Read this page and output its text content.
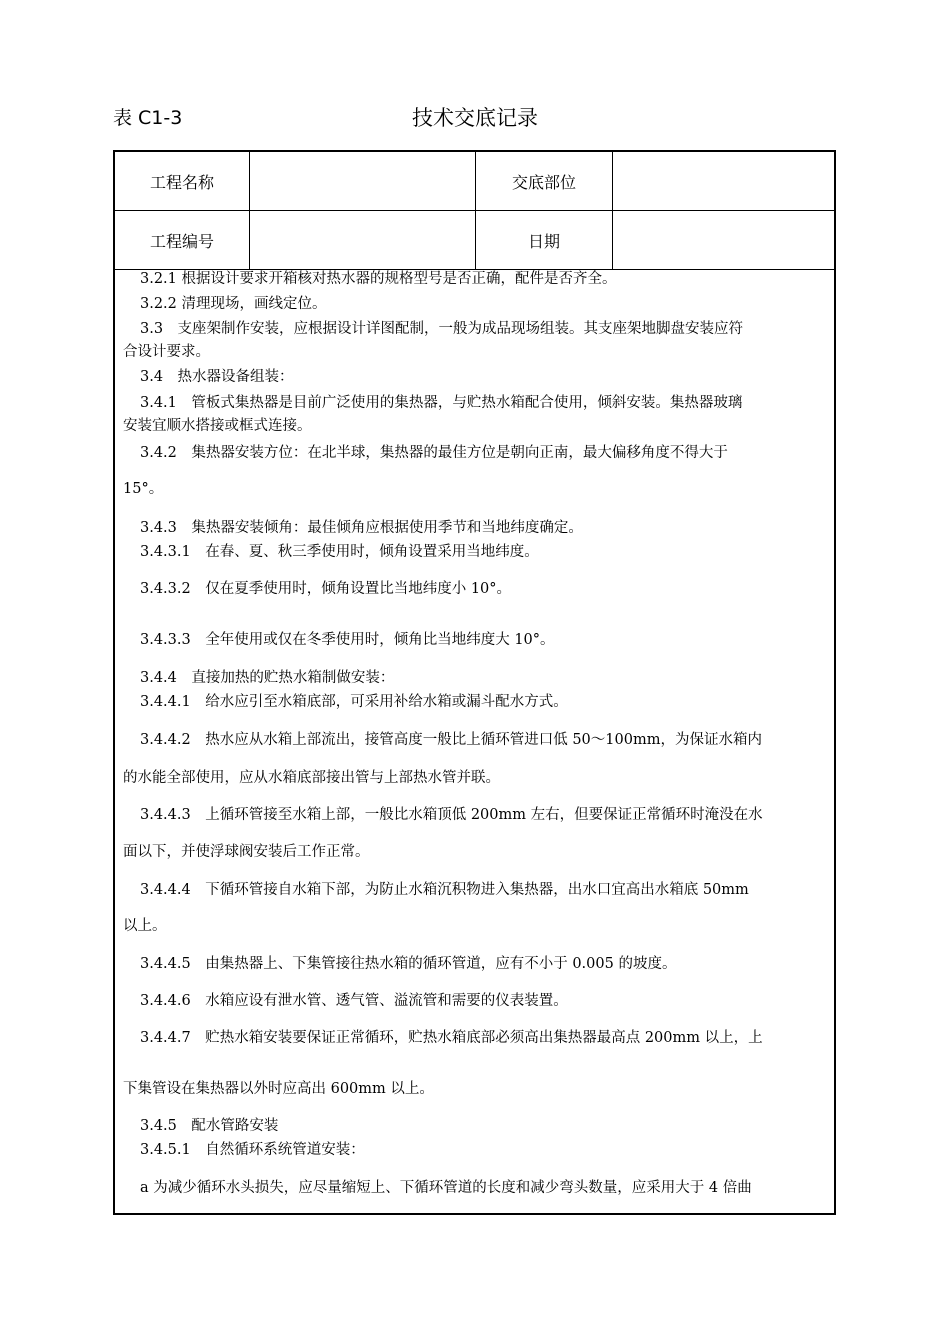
表 C1-3	技术交底记录
工程名称		交底部位	
工程编号		日期	
3.2.1 根据设计要求开箱核对热水器的规格型号是否正确，配件是否齐全。
3.2.2 清理现场，画线定位。
3.3　支座架制作安装，应根据设计详图配制，一般为成品现场组装。其支座架地脚盘安装应符
合设计要求。
3.4　热水器设备组装：
3.4.1　管板式集热器是目前广泛使用的集热器，与贮热水箱配合使用，倾斜安装。集热器玻璃
安装宜顺水搭接或框式连接。
3.4.2　集热器安装方位：在北半球，集热器的最佳方位是朝向正南，最大偏移角度不得大于
15°。
3.4.3　集热器安装倾角：最佳倾角应根据使用季节和当地纬度确定。
3.4.3.1　在春、夏、秋三季使用时，倾角设置采用当地纬度。
3.4.3.2　仅在夏季使用时，倾角设置比当地纬度小 10°。
3.4.3.3　全年使用或仅在冬季使用时，倾角比当地纬度大 10°。
3.4.4　直接加热的贮热水箱制做安装：
3.4.4.1　给水应引至水箱底部，可采用补给水箱或漏斗配水方式。
3.4.4.2　热水应从水箱上部流出，接管高度一般比上循环管进口低 50～100mm，为保证水箱内
的水能全部使用，应从水箱底部接出管与上部热水管并联。
3.4.4.3　上循环管接至水箱上部，一般比水箱顶低 200mm 左右，但要保证正常循环时淹没在水
面以下，并使浮球阀安装后工作正常。
3.4.4.4　下循环管接自水箱下部，为防止水箱沉积物进入集热器，出水口宜高出水箱底 50mm
以上。
3.4.4.5　由集热器上、下集管接往热水箱的循环管道，应有不小于 0.005 的坡度。
3.4.4.6　水箱应设有泄水管、透气管、溢流管和需要的仪表装置。
3.4.4.7　贮热水箱安装要保证正常循环，贮热水箱底部必须高出集热器最高点 200mm 以上，上
下集管设在集热器以外时应高出 600mm 以上。
3.4.5　配水管路安装
3.4.5.1　自然循环系统管道安装：
a 为减少循环水头损失，应尽量缩短上、下循环管道的长度和减少弯头数量，应采用大于 4 倍曲
